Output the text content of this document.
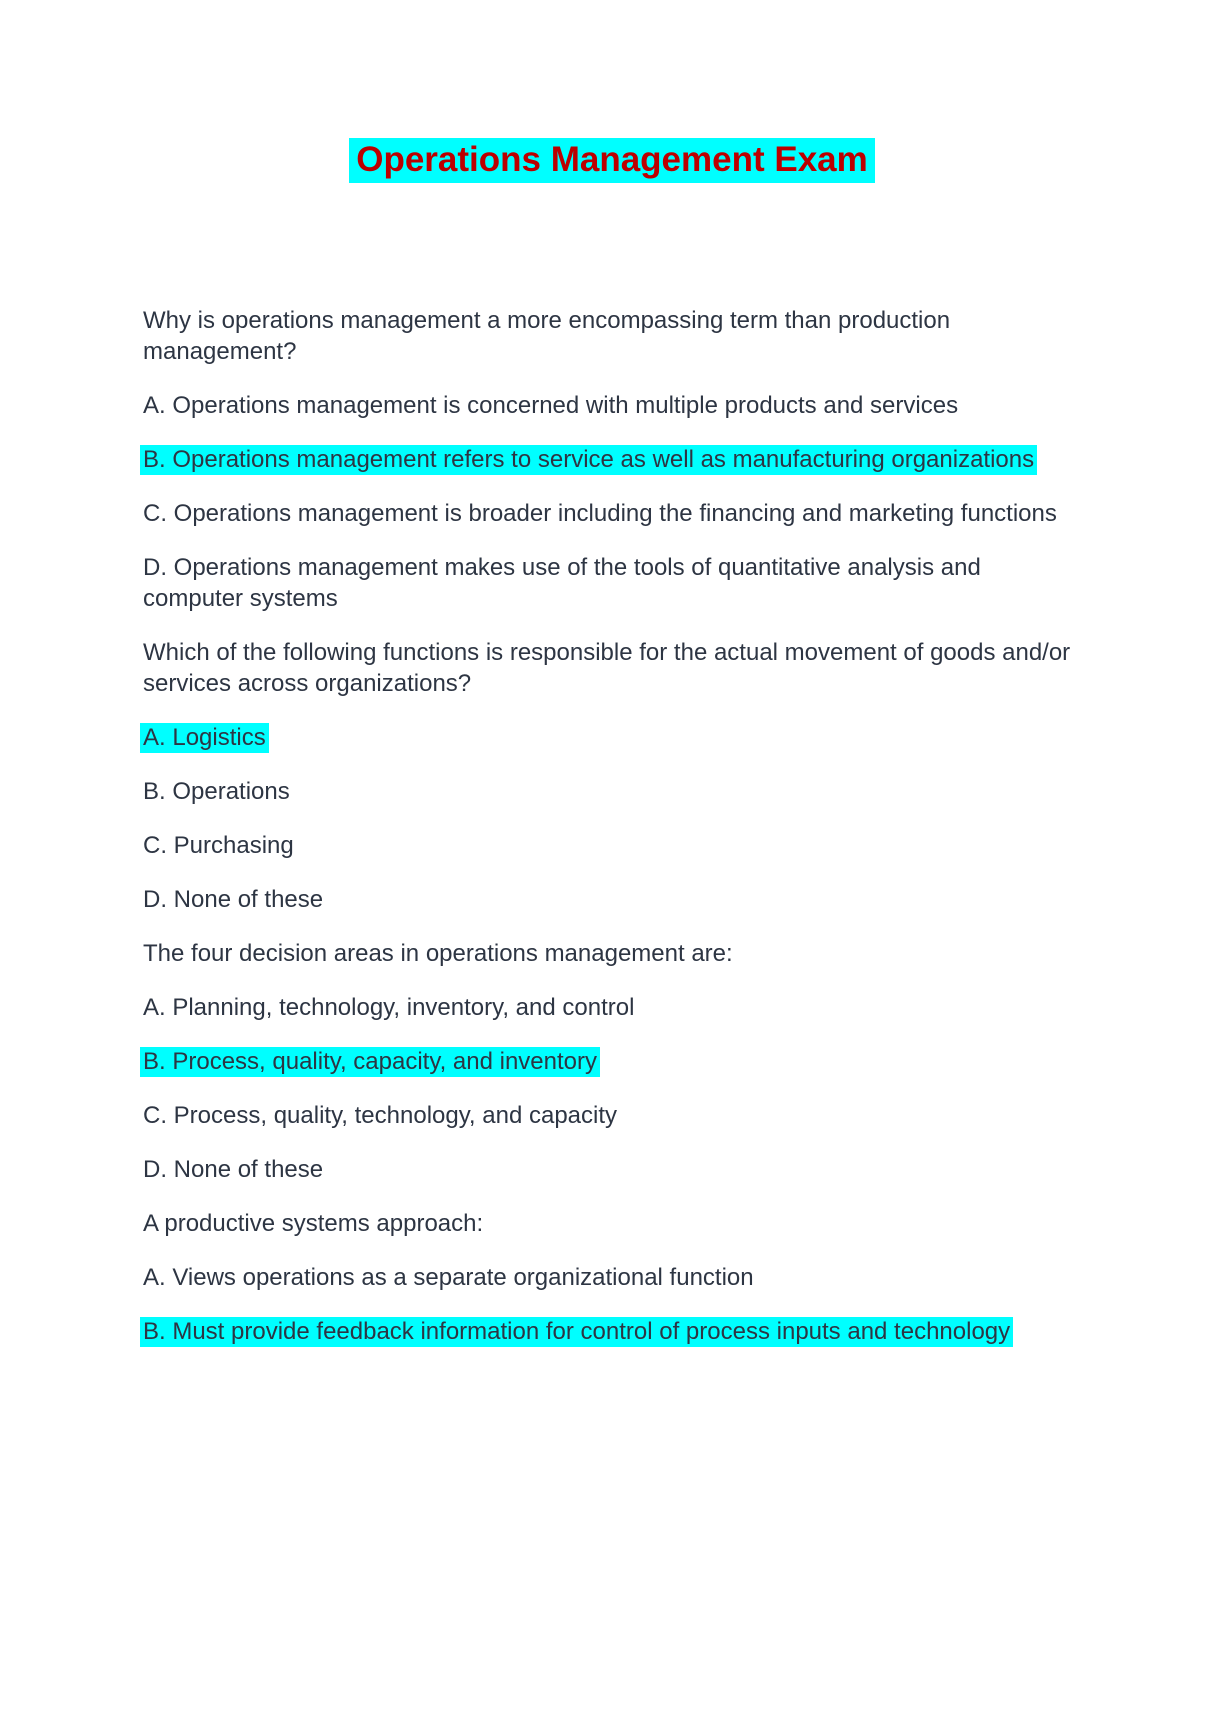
Operations Management Exam

Why is operations management a more encompassing term than production management?

A. Operations management is concerned with multiple products and services

B. Operations management refers to service as well as manufacturing organizations

C. Operations management is broader including the financing and marketing functions

D. Operations management makes use of the tools of quantitative analysis and computer systems

Which of the following functions is responsible for the actual movement of goods and/or services across organizations?

A. Logistics

B. Operations

C. Purchasing

D. None of these

The four decision areas in operations management are:

A. Planning, technology, inventory, and control

B. Process, quality, capacity, and inventory

C. Process, quality, technology, and capacity

D. None of these

A productive systems approach:

A. Views operations as a separate organizational function

B. Must provide feedback information for control of process inputs and technology
